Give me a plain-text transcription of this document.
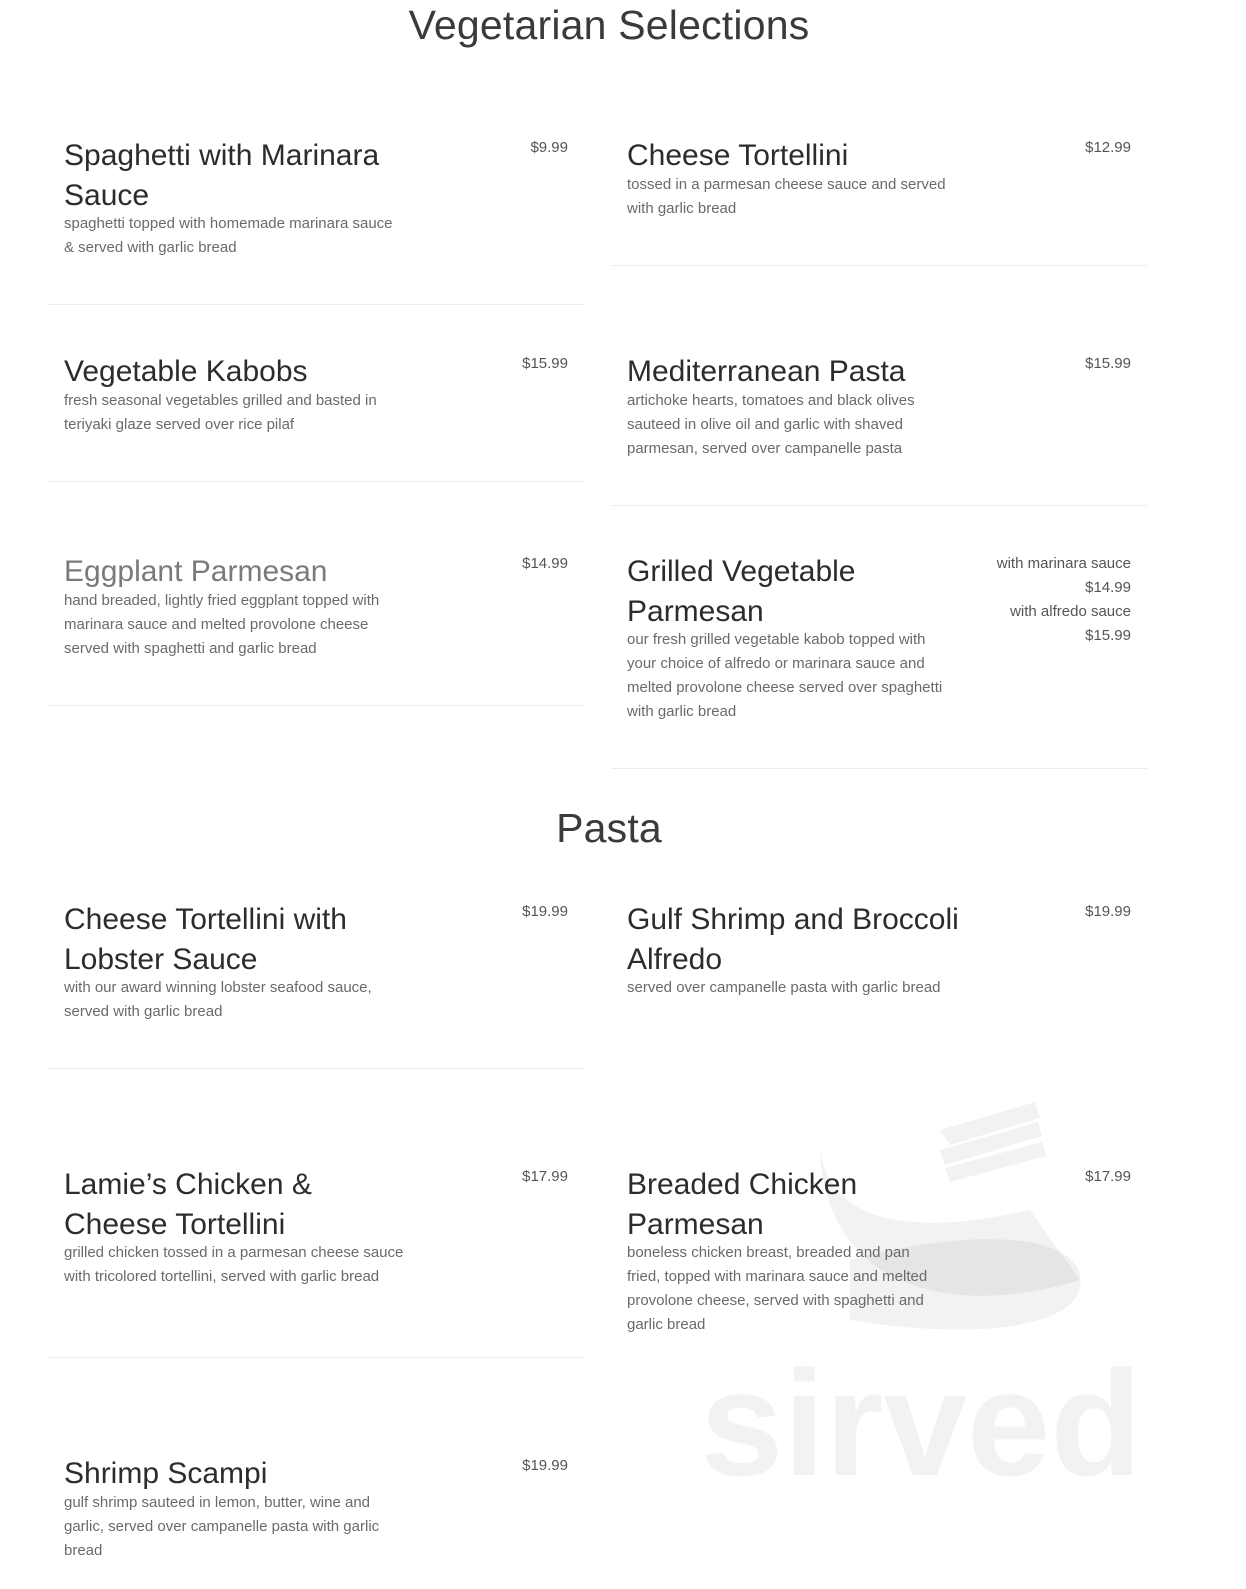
Vegetarian Selections
Spaghetti with Marinara Sauce
$9.99
spaghetti topped with homemade marinara sauce & served with garlic bread
Cheese Tortellini	$12.99
tossed in a parmesan cheese sauce and served with garlic bread
Vegetable Kabobs	$15.99
fresh seasonal vegetables grilled and basted in teriyaki glaze served over rice pilaf
Mediterranean Pasta	$15.99
artichoke hearts, tomatoes and black olives sauteed in olive oil and garlic with shaved parmesan, served over campanelle pasta
Eggplant Parmesan	$14.99
hand breaded, lightly fried eggplant topped with marinara sauce and melted provolone cheese served with spaghetti and garlic bread
Grilled Vegetable Parmesan
with marinara sauce
$14.99
with alfredo sauce
$15.99
our fresh grilled vegetable kabob topped with your choice of alfredo or marinara sauce and melted provolone cheese served over spaghetti with garlic bread
Pasta
Cheese Tortellini with Lobster Sauce
$19.99
with our award winning lobster seafood sauce, served with garlic bread
Gulf Shrimp and Broccoli Alfredo
$19.99
served over campanelle pasta with garlic bread
sirved
Lamie’s Chicken & Cheese Tortellini
$17.99
grilled chicken tossed in a parmesan cheese sauce with tricolored tortellini, served with garlic bread
Breaded Chicken Parmesan
$17.99
boneless chicken breast, breaded and pan fried, topped with marinara sauce and melted provolone cheese, served with spaghetti and garlic bread
Shrimp Scampi	$19.99
gulf shrimp sauteed in lemon, butter, wine and garlic, served over campanelle pasta with garlic bread
